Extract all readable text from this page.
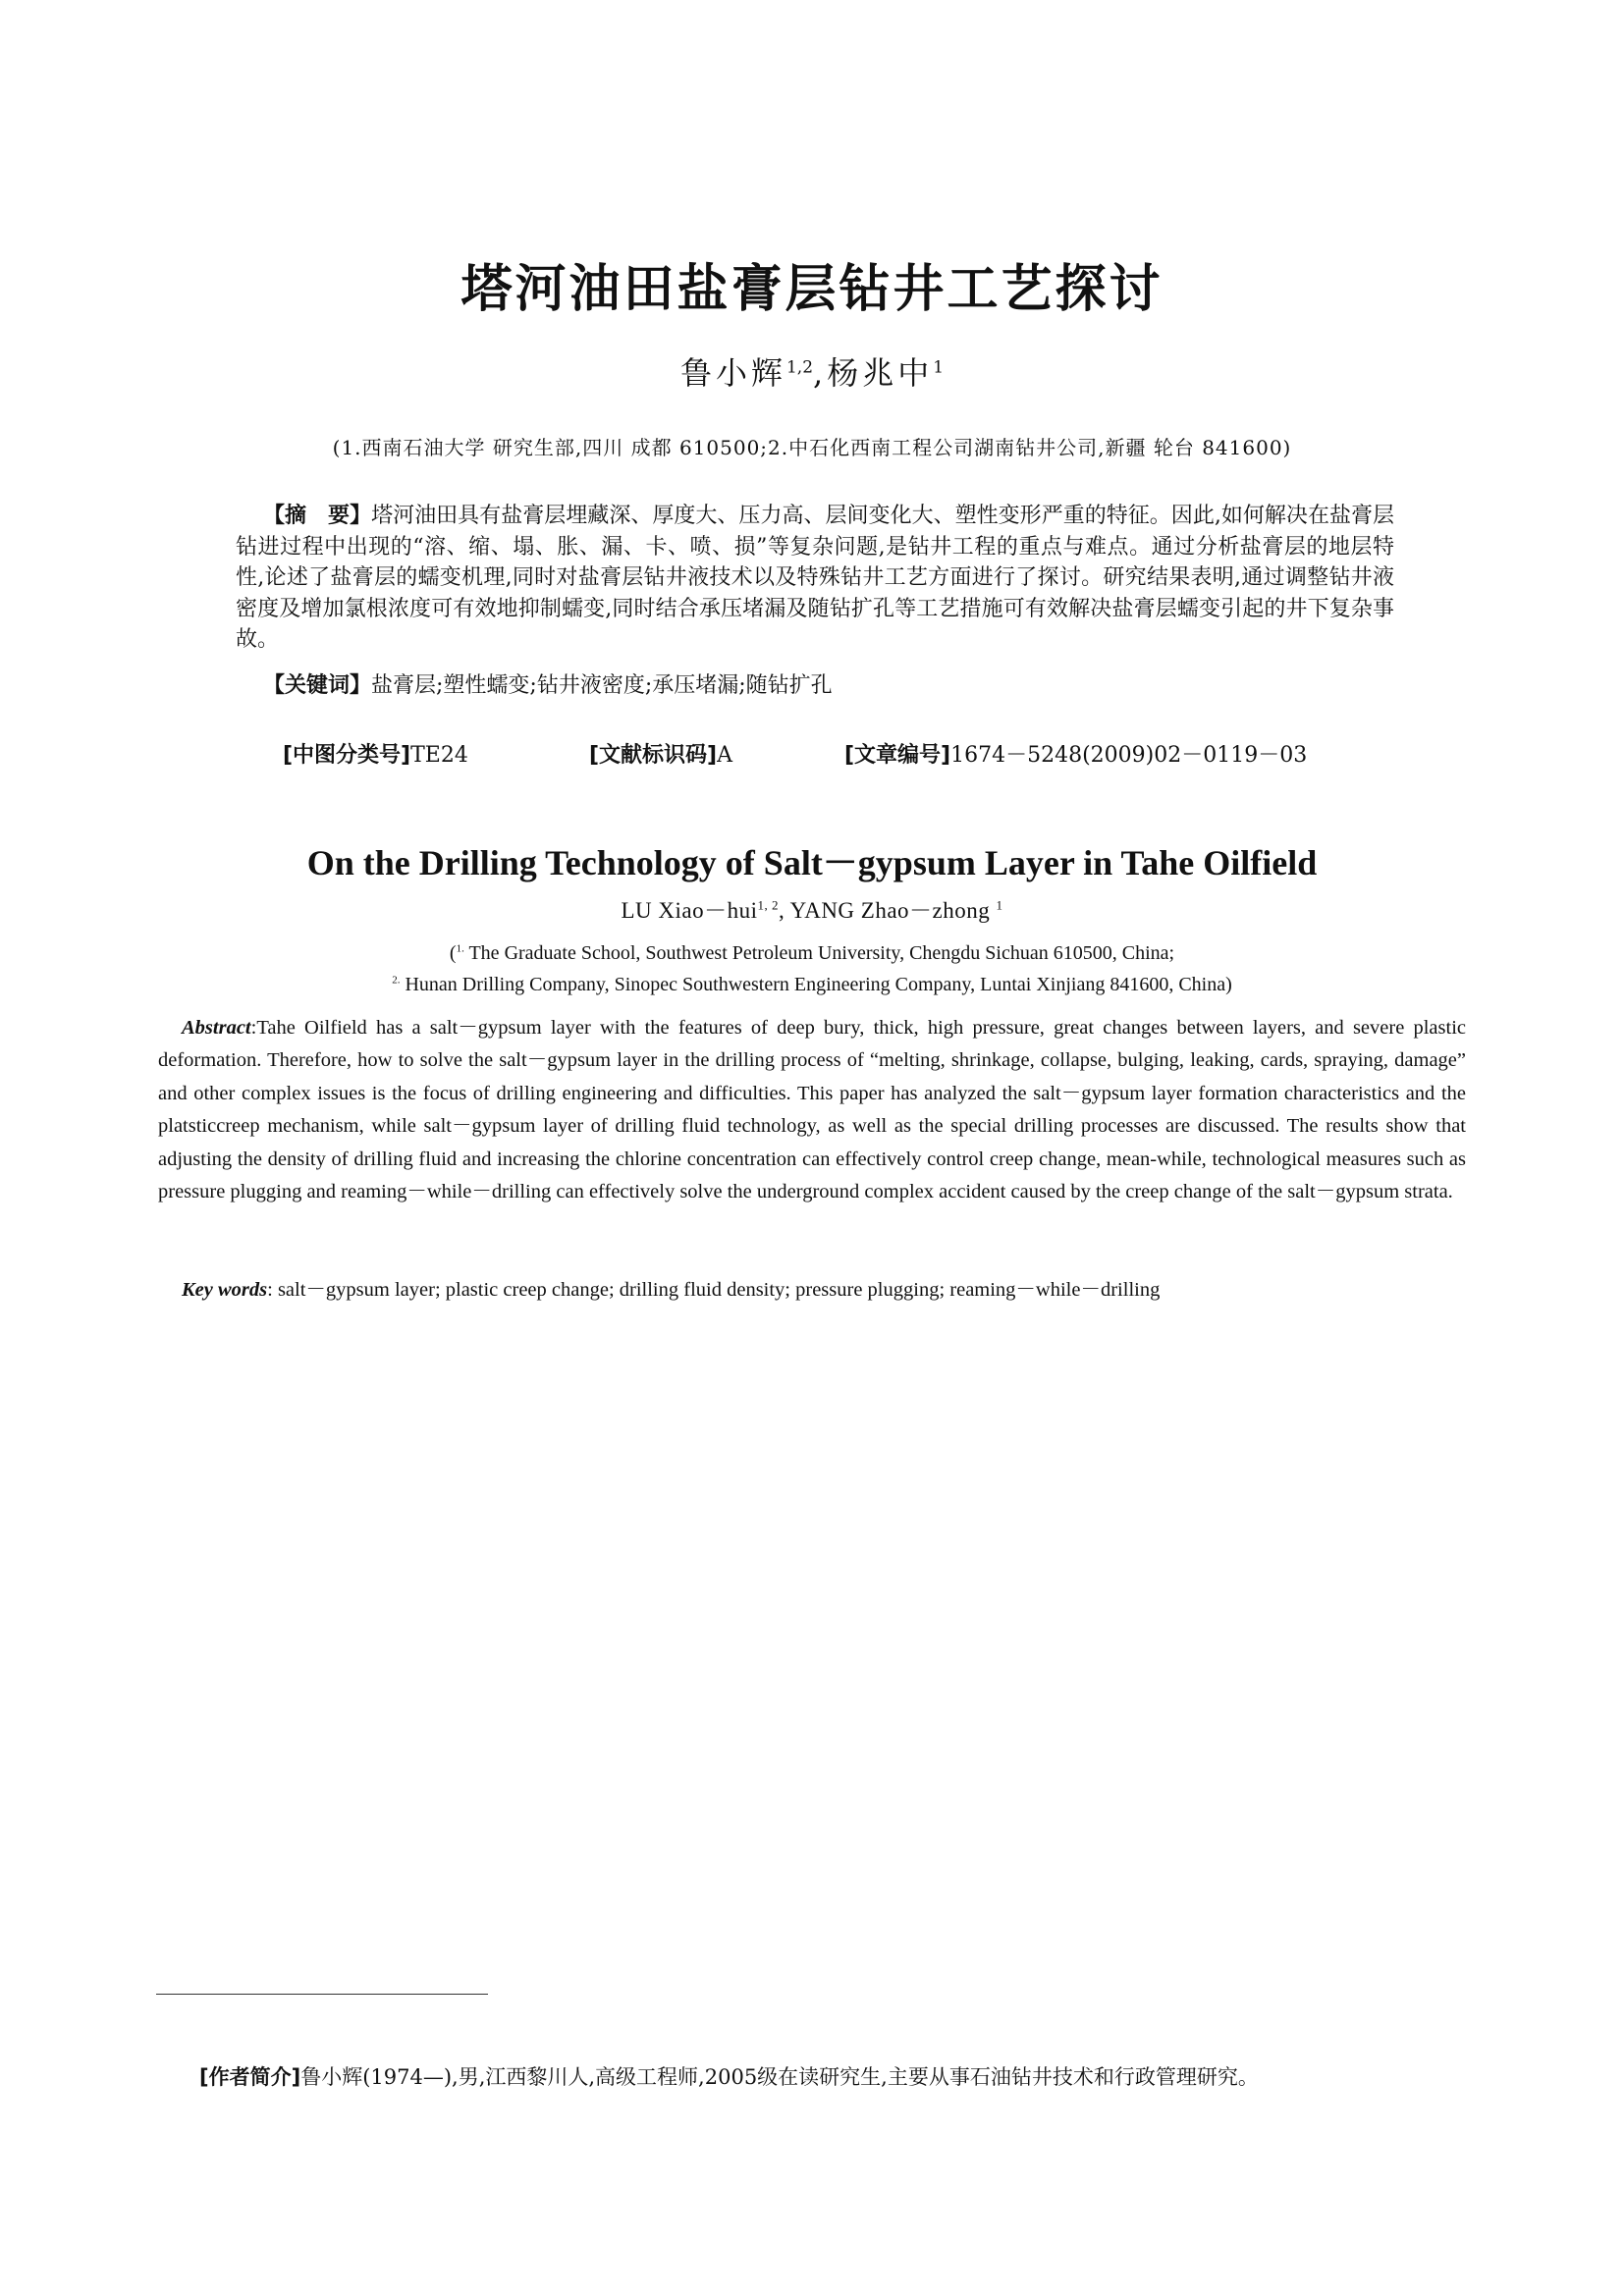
塔河油田盐膏层钻井工艺探讨
鲁小辉$^{1,2}$,杨兆中$^1$
(1.西南石油大学 研究生部,四川 成都 610500;2.中石化西南工程公司湖南钻井公司,新疆 轮台 841600)

【摘　要】塔河油田具有盐膏层埋藏深、厚度大、压力高、层间变化大、塑性变形严重的特征。因此,如何解决在盐膏层钻进过程中出现的“溶、缩、塌、胀、漏、卡、喷、损”等复杂问题,是钻井工程的重点与难点。通过分析盐膏层的地层特性,论述了盐膏层的蠕变机理,同时对盐膏层钻井液技术以及特殊钻井工艺方面进行了探讨。研究结果表明,通过调整钻井液密度及增加氯根浓度可有效地抑制蠕变,同时结合承压堵漏及随钻扩孔等工艺措施可有效解决盐膏层蠕变引起的井下复杂事故。

【关键词】盐膏层;塑性蠕变;钻井液密度;承压堵漏;随钻扩孔

[中图分类号]TE24	[文献标识码]A	[文章编号]1674－5248(2009)02－0119－03
On the Drilling Technology of Salt－gypsum Layer in Tahe Oilfield
LU Xiao－hui$^{1, 2}$, YANG Zhao－zhong $^1$
($^{1.}$ The Graduate School, Southwest Petroleum University, Chengdu Sichuan 610500, China;
$^{2.}$ Hunan Drilling Company, Sinopec Southwestern Engineering Company, Luntai Xinjiang 841600, China)

Abstract:Tahe Oilfield has a salt－gypsum layer with the features of deep bury, thick, high pressure, great changes between layers, and severe plastic deformation. Therefore, how to solve the salt－gypsum layer in the drilling process of “melting, shrinkage, collapse, bulging, leaking, cards, spraying, damage” and other complex issues is the focus of drilling engineering and difficulties. This paper has analyzed the salt－gypsum layer formation characteristics and the platsticcreep mechanism, while salt－gypsum layer of drilling fluid technology, as well as the special drilling processes are discussed. The results show that adjusting the density of drilling fluid and increasing the chlorine concentration can effectively control creep change, mean-while, technological measures such as pressure plugging and reaming－while－drilling can effectively solve the underground complex accident caused by the creep change of the salt－gypsum strata.

Key words: salt－gypsum layer; plastic creep change; drilling fluid density; pressure plugging; reaming－while－drilling

[作者简介]鲁小辉(1974—),男,江西黎川人,高级工程师,2005级在读研究生,主要从事石油钻井技术和行政管理研究。
